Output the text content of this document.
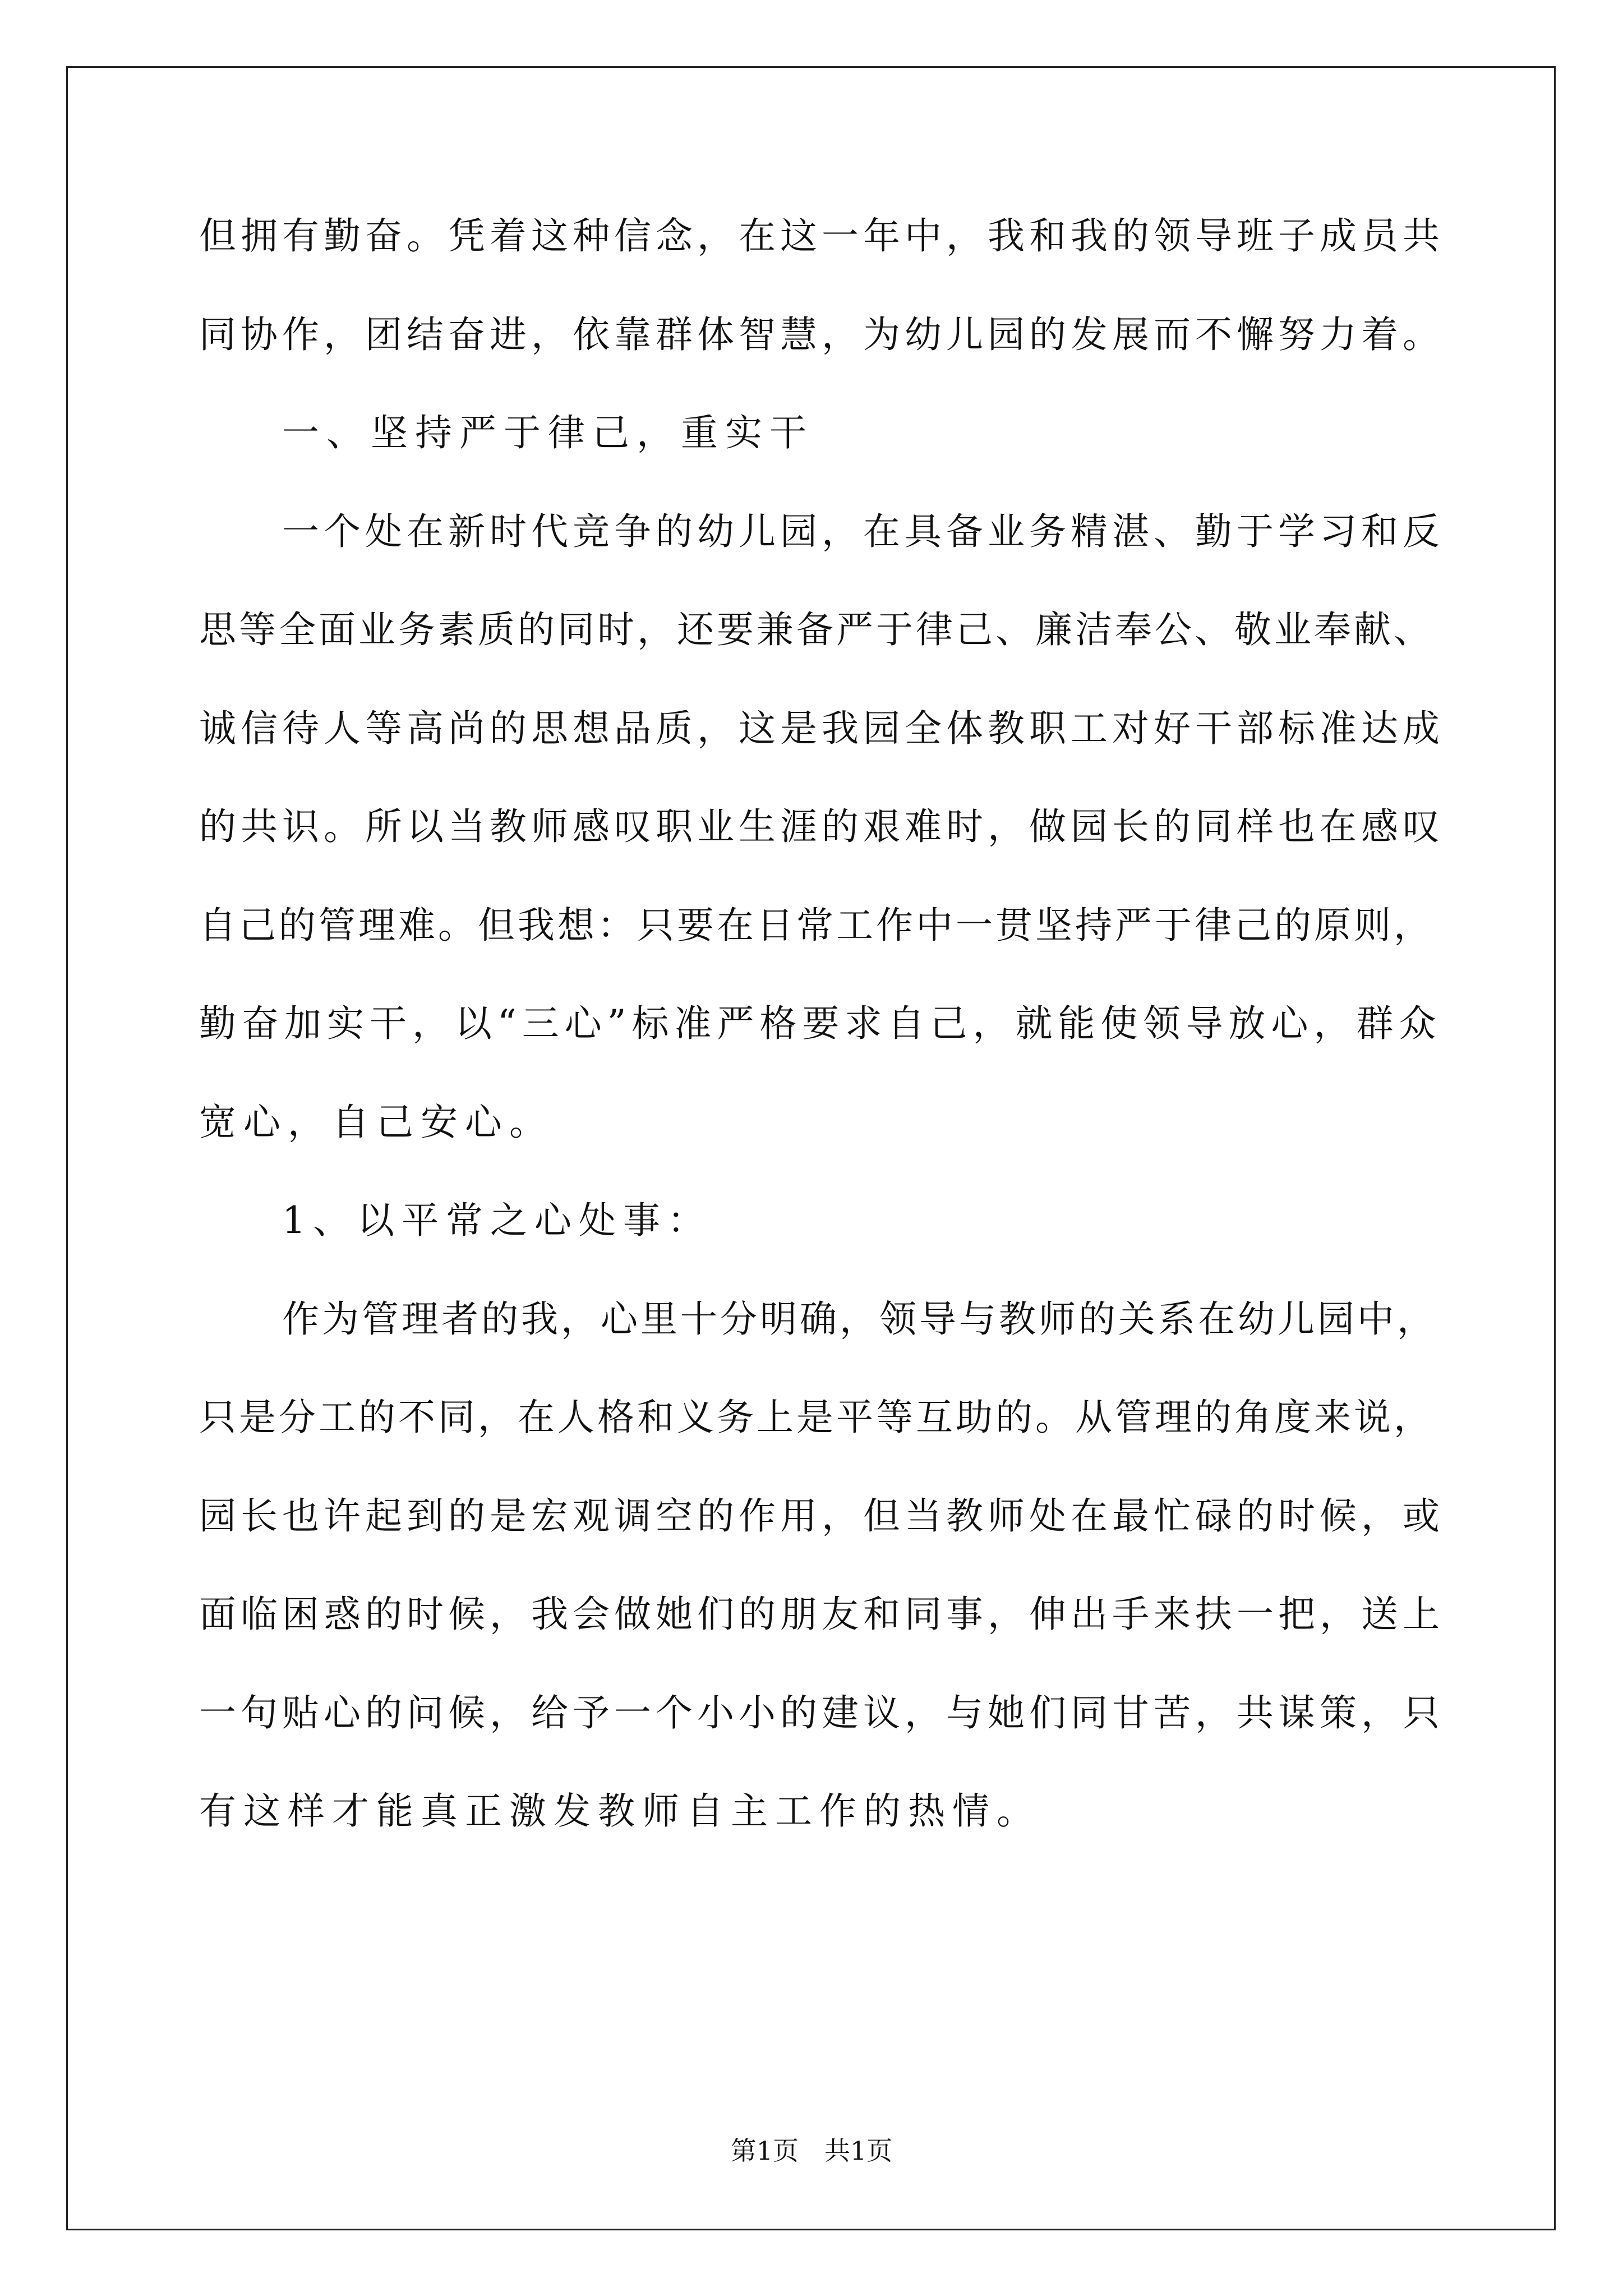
但拥有勤奋。凭着这种信念，在这一年中，我和我的领导班子成员共
同协作，团结奋进，依靠群体智慧，为幼儿园的发展而不懈努力着。
一、坚持严于律己，重实干
一个处在新时代竞争的幼儿园，在具备业务精湛、勤于学习和反
思等全面业务素质的同时，还要兼备严于律己、廉洁奉公、敬业奉献、
诚信待人等高尚的思想品质，这是我园全体教职工对好干部标准达成
的共识。所以当教师感叹职业生涯的艰难时，做园长的同样也在感叹
自己的管理难。但我想：只要在日常工作中一贯坚持严于律己的原则，
勤奋加实干，以“三心”标准严格要求自己，就能使领导放心，群众
宽心，自己安心。
1、以平常之心处事：
作为管理者的我，心里十分明确，领导与教师的关系在幼儿园中，
只是分工的不同，在人格和义务上是平等互助的。从管理的角度来说，
园长也许起到的是宏观调空的作用，但当教师处在最忙碌的时候，或
面临困惑的时候，我会做她们的朋友和同事，伸出手来扶一把，送上
一句贴心的问候，给予一个小小的建议，与她们同甘苦，共谋策，只
有这样才能真正激发教师自主工作的热情。
第1页　共1页
